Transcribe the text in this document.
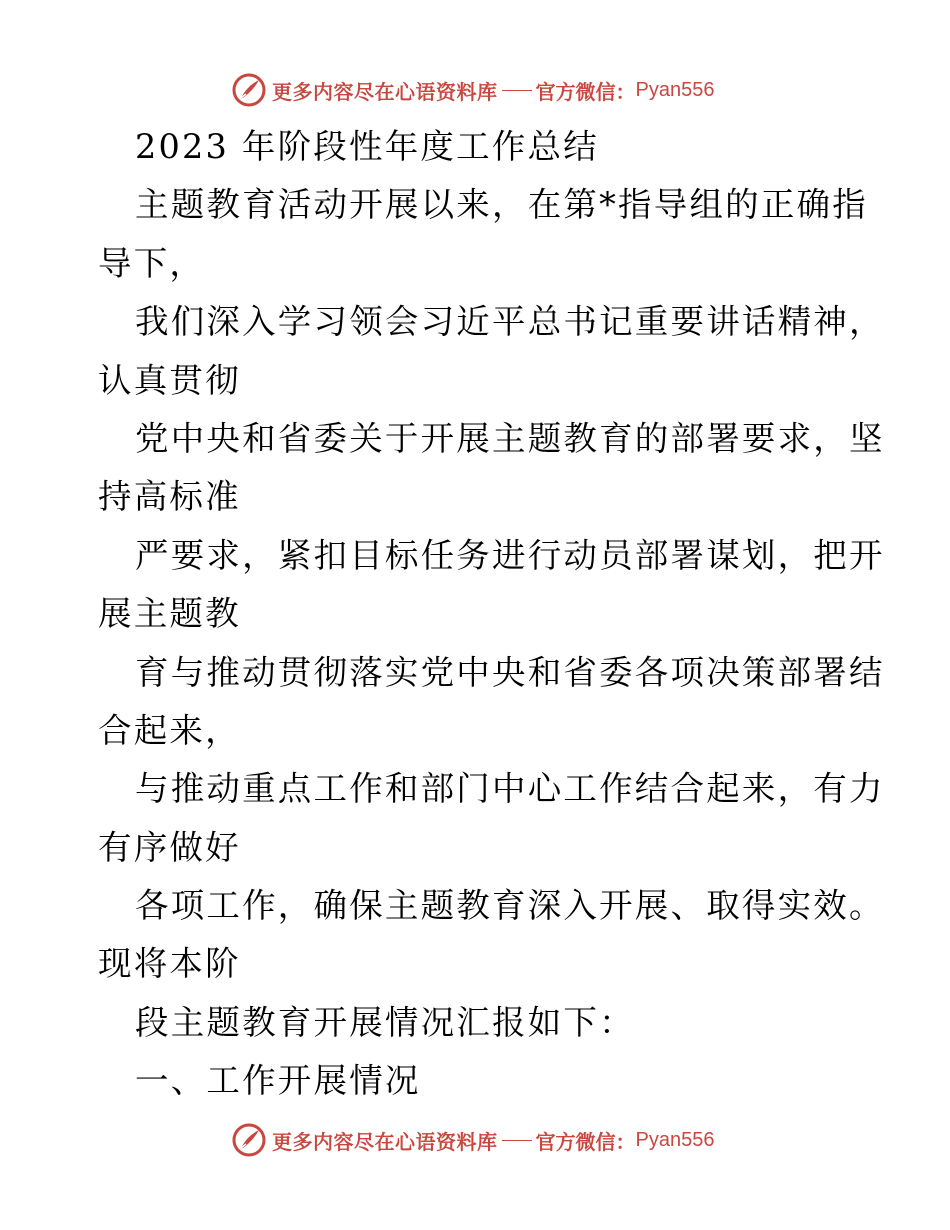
更多内容尽在心语资料库 官方微信： Pyan556
2023 年阶段性年度工作总结
主题教育活动开展以来，在第*指导组的正确指
导下，
我们深入学习领会习近平总书记重要讲话精神，
认真贯彻
党中央和省委关于开展主题教育的部署要求，坚
持高标准
严要求，紧扣目标任务进行动员部署谋划，把开
展主题教
育与推动贯彻落实党中央和省委各项决策部署结
合起来，
与推动重点工作和部门中心工作结合起来，有力
有序做好
各项工作，确保主题教育深入开展、取得实效。
现将本阶
段主题教育开展情况汇报如下：
一、工作开展情况
更多内容尽在心语资料库 官方微信： Pyan556
